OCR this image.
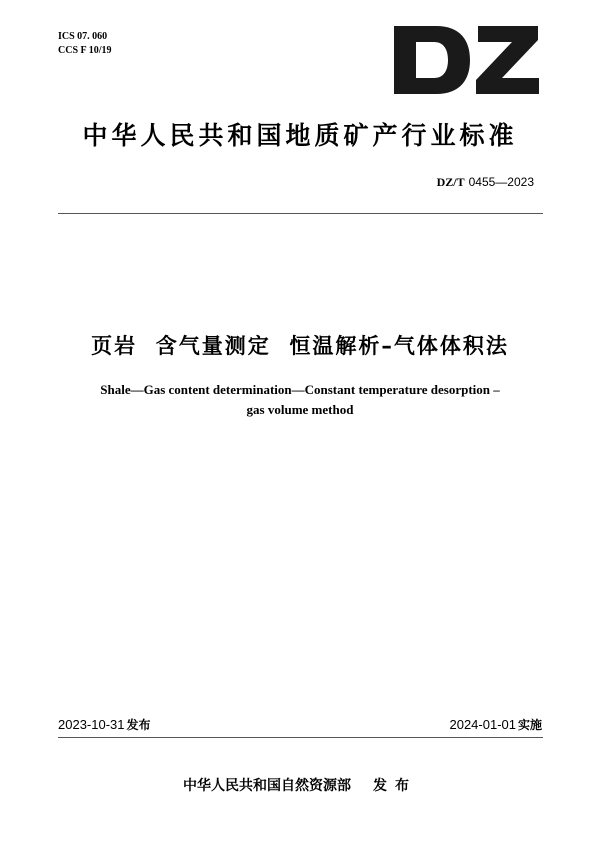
ICS 07. 060
CCS F 10/19
中华人民共和国地质矿产行业标准
DZ/T 0455—2023
页岩  含气量测定  恒温解析–气体体积法
Shale—Gas content determination—Constant temperature desorption –
gas volume method
2023-10-31 发布	2024-01-01 实施
中华人民共和国自然资源部 发布
